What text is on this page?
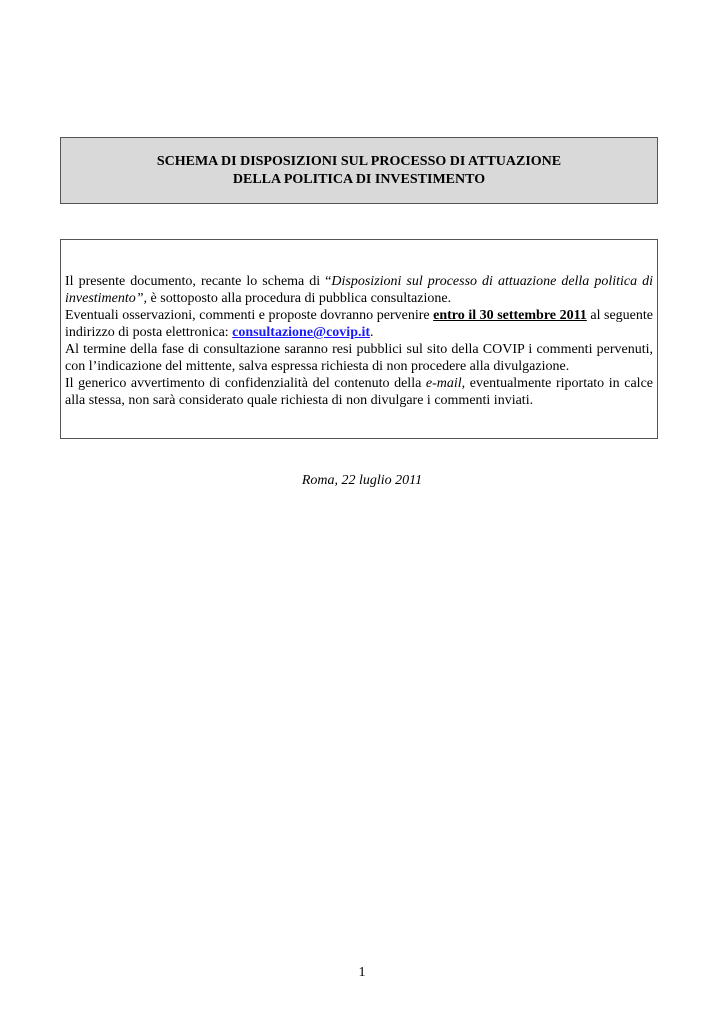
SCHEMA DI DISPOSIZIONI SUL PROCESSO DI ATTUAZIONE
DELLA POLITICA DI INVESTIMENTO

Il presente documento, recante lo schema di “Disposizioni sul processo di attuazione della politica di investimento”, è sottoposto alla procedura di pubblica consultazione.

Eventuali osservazioni, commenti e proposte dovranno pervenire entro il 30 settembre 2011 al seguente indirizzo di posta elettronica: consultazione@covip.it.

Al termine della fase di consultazione saranno resi pubblici sul sito della COVIP i commenti pervenuti, con l’indicazione del mittente, salva espressa richiesta di non procedere alla divulgazione.

Il generico avvertimento di confidenzialità del contenuto della e-mail, eventualmente riportato in calce alla stessa, non sarà considerato quale richiesta di non divulgare i commenti inviati.

Roma, 22 luglio 2011
1
